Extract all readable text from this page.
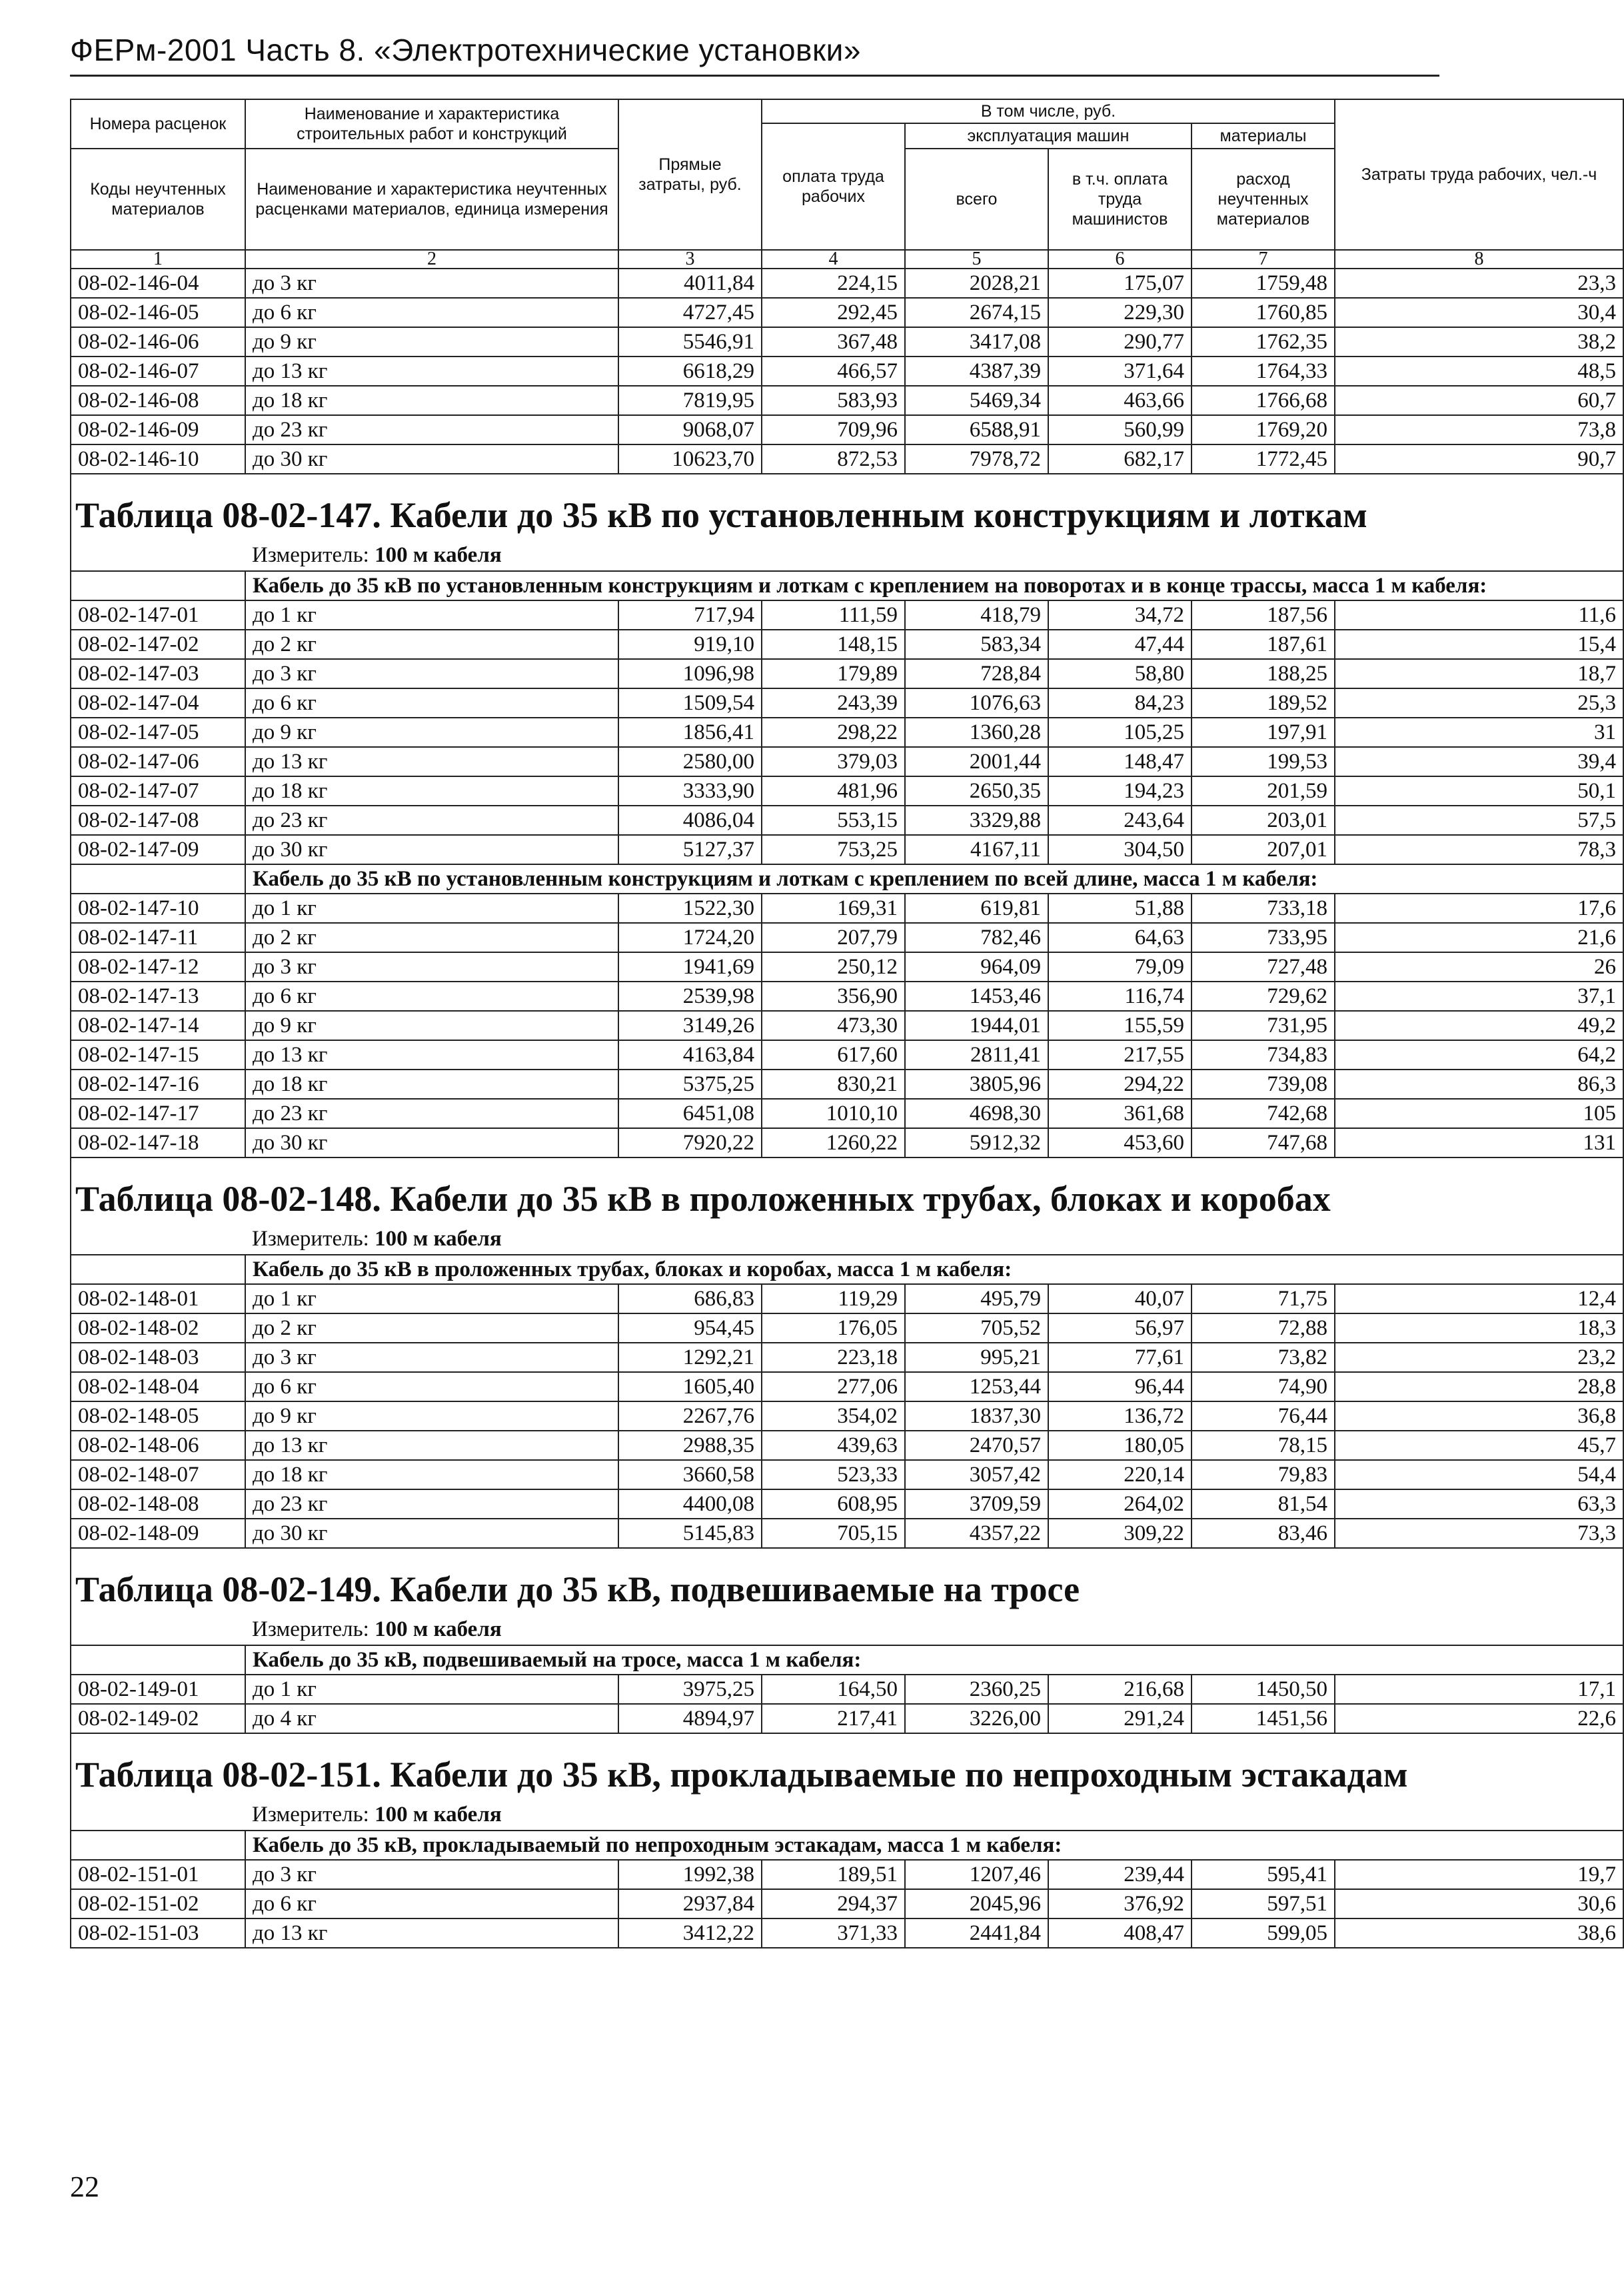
ФЕРм-2001 Часть 8. «Электротехнические установки»
Номера расценок	Наименование и характеристика строительных работ и конструкций	Прямые затраты, руб.	В том числе, руб.				Затраты труда рабочих, чел.-ч
			оплата труда рабочих	эксплуатация машин		материалы	
Коды неучтенных материалов	Наименование и характеристика неучтенных расценками материалов, единица измерения			всего	в т.ч. оплата труда машинистов	расход неучтенных материалов	

1	2	3	4	5	6	7	8
08-02-146-04	до 3 кг	4011,84	224,15	2028,21	175,07	1759,48	23,3
08-02-146-05	до 6 кг	4727,45	292,45	2674,15	229,30	1760,85	30,4
08-02-146-06	до 9 кг	5546,91	367,48	3417,08	290,77	1762,35	38,2
08-02-146-07	до 13 кг	6618,29	466,57	4387,39	371,64	1764,33	48,5
08-02-146-08	до 18 кг	7819,95	583,93	5469,34	463,66	1766,68	60,7
08-02-146-09	до 23 кг	9068,07	709,96	6588,91	560,99	1769,20	73,8
08-02-146-10	до 30 кг	10623,70	872,53	7978,72	682,17	1772,45	90,7
Таблица 08-02-147. Кабели до 35 кВ по установленным конструкциям и лоткам							
	Измеритель: 100 м кабеля						
	Кабель до 35 кВ по установленным конструкциям и лоткам с креплением на поворотах и в конце трассы, масса 1 м кабеля:						
08-02-147-01	до 1 кг	717,94	111,59	418,79	34,72	187,56	11,6
08-02-147-02	до 2 кг	919,10	148,15	583,34	47,44	187,61	15,4
08-02-147-03	до 3 кг	1096,98	179,89	728,84	58,80	188,25	18,7
08-02-147-04	до 6 кг	1509,54	243,39	1076,63	84,23	189,52	25,3
08-02-147-05	до 9 кг	1856,41	298,22	1360,28	105,25	197,91	31
08-02-147-06	до 13 кг	2580,00	379,03	2001,44	148,47	199,53	39,4
08-02-147-07	до 18 кг	3333,90	481,96	2650,35	194,23	201,59	50,1
08-02-147-08	до 23 кг	4086,04	553,15	3329,88	243,64	203,01	57,5
08-02-147-09	до 30 кг	5127,37	753,25	4167,11	304,50	207,01	78,3
	Кабель до 35 кВ по установленным конструкциям и лоткам с креплением по всей длине, масса 1 м кабеля:						
08-02-147-10	до 1 кг	1522,30	169,31	619,81	51,88	733,18	17,6
08-02-147-11	до 2 кг	1724,20	207,79	782,46	64,63	733,95	21,6
08-02-147-12	до 3 кг	1941,69	250,12	964,09	79,09	727,48	26
08-02-147-13	до 6 кг	2539,98	356,90	1453,46	116,74	729,62	37,1
08-02-147-14	до 9 кг	3149,26	473,30	1944,01	155,59	731,95	49,2
08-02-147-15	до 13 кг	4163,84	617,60	2811,41	217,55	734,83	64,2
08-02-147-16	до 18 кг	5375,25	830,21	3805,96	294,22	739,08	86,3
08-02-147-17	до 23 кг	6451,08	1010,10	4698,30	361,68	742,68	105
08-02-147-18	до 30 кг	7920,22	1260,22	5912,32	453,60	747,68	131
Таблица 08-02-148. Кабели до 35 кВ в проложенных трубах, блоках и коробах							
	Измеритель: 100 м кабеля						
	Кабель до 35 кВ в проложенных трубах, блоках и коробах, масса 1 м кабеля:						
08-02-148-01	до 1 кг	686,83	119,29	495,79	40,07	71,75	12,4
08-02-148-02	до 2 кг	954,45	176,05	705,52	56,97	72,88	18,3
08-02-148-03	до 3 кг	1292,21	223,18	995,21	77,61	73,82	23,2
08-02-148-04	до 6 кг	1605,40	277,06	1253,44	96,44	74,90	28,8
08-02-148-05	до 9 кг	2267,76	354,02	1837,30	136,72	76,44	36,8
08-02-148-06	до 13 кг	2988,35	439,63	2470,57	180,05	78,15	45,7
08-02-148-07	до 18 кг	3660,58	523,33	3057,42	220,14	79,83	54,4
08-02-148-08	до 23 кг	4400,08	608,95	3709,59	264,02	81,54	63,3
08-02-148-09	до 30 кг	5145,83	705,15	4357,22	309,22	83,46	73,3
Таблица 08-02-149. Кабели до 35 кВ, подвешиваемые на тросе							
	Измеритель: 100 м кабеля						
	Кабель до 35 кВ, подвешиваемый на тросе, масса 1 м кабеля:						
08-02-149-01	до 1 кг	3975,25	164,50	2360,25	216,68	1450,50	17,1
08-02-149-02	до 4 кг	4894,97	217,41	3226,00	291,24	1451,56	22,6
Таблица 08-02-151. Кабели до 35 кВ, прокладываемые по непроходным эстакадам							
	Измеритель: 100 м кабеля						
	Кабель до 35 кВ, прокладываемый по непроходным эстакадам, масса 1 м кабеля:						
08-02-151-01	до 3 кг	1992,38	189,51	1207,46	239,44	595,41	19,7
08-02-151-02	до 6 кг	2937,84	294,37	2045,96	376,92	597,51	30,6
08-02-151-03	до 13 кг	3412,22	371,33	2441,84	408,47	599,05	38,6
22
